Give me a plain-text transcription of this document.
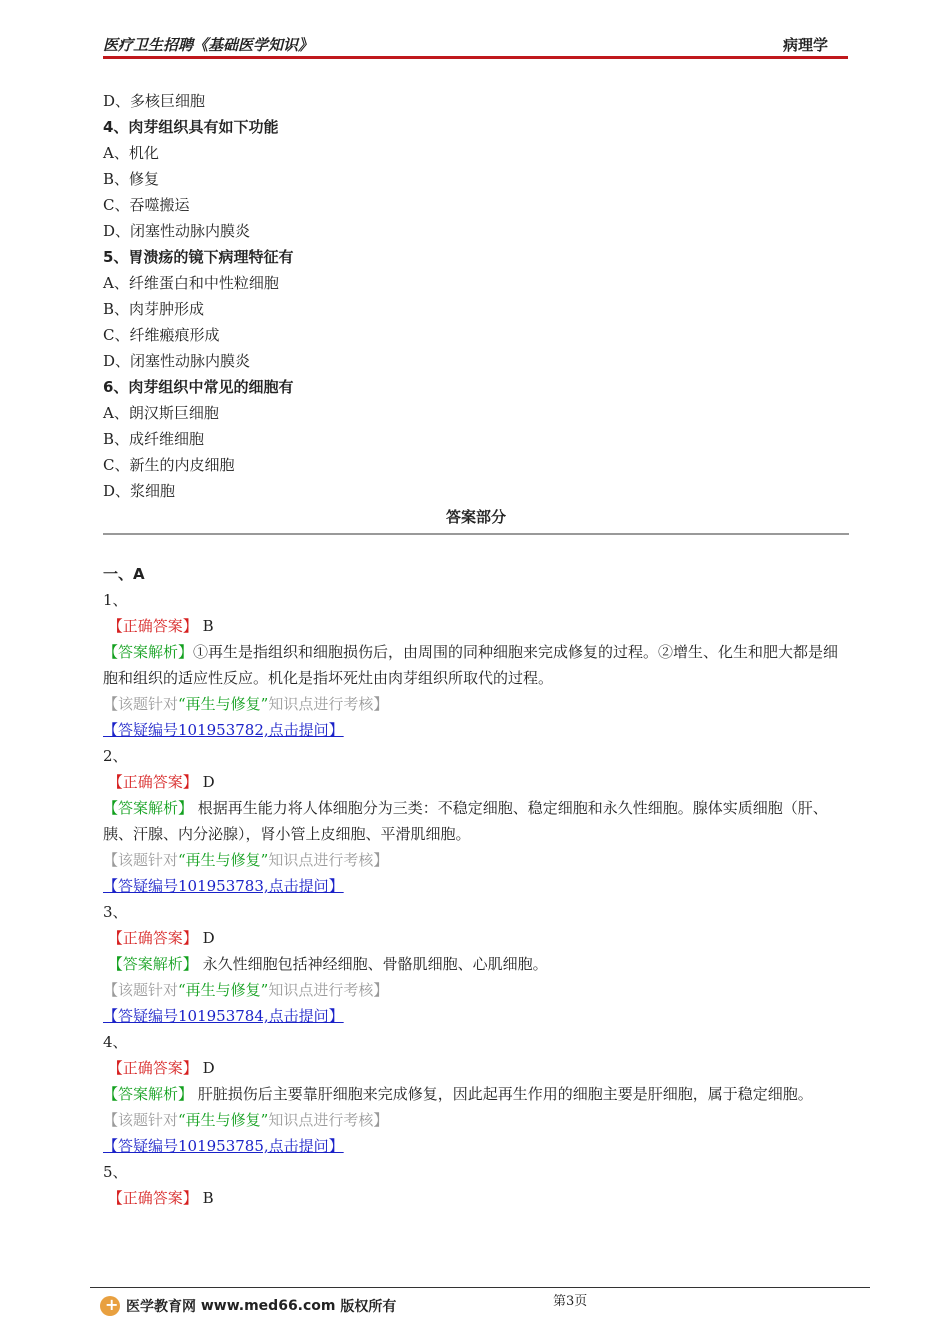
医疗卫生招聘《基础医学知识》	病理学
D、多核巨细胞
4、肉芽组织具有如下功能
A、机化
B、修复
C、吞噬搬运
D、闭塞性动脉内膜炎
5、胃溃疡的镜下病理特征有
A、纤维蛋白和中性粒细胞
B、肉芽肿形成
C、纤维瘢痕形成
D、闭塞性动脉内膜炎
6、肉芽组织中常见的细胞有
A、朗汉斯巨细胞
B、成纤维细胞
C、新生的内皮细胞
D、浆细胞
答案部分
一、A
1、
【正确答案】 B
【答案解析】①再生是指组织和细胞损伤后，由周围的同种细胞来完成修复的过程。②增生、化生和肥大都是细胞和组织的适应性反应。机化是指坏死灶由肉芽组织所取代的过程。
【该题针对“再生与修复”知识点进行考核】
【答疑编号101953782,点击提问】
2、
【正确答案】 D
【答案解析】 根据再生能力将人体细胞分为三类：不稳定细胞、稳定细胞和永久性细胞。腺体实质细胞（肝、胰、汗腺、内分泌腺），肾小管上皮细胞、平滑肌细胞。
【该题针对“再生与修复”知识点进行考核】
【答疑编号101953783,点击提问】
3、
【正确答案】 D
【答案解析】 永久性细胞包括神经细胞、骨骼肌细胞、心肌细胞。
【该题针对“再生与修复”知识点进行考核】
【答疑编号101953784,点击提问】
4、
【正确答案】 D
【答案解析】 肝脏损伤后主要靠肝细胞来完成修复，因此起再生作用的细胞主要是肝细胞，属于稳定细胞。
【该题针对“再生与修复”知识点进行考核】
【答疑编号101953785,点击提问】
5、
【正确答案】 B
第3页
+
医学教育网
www.med66.com
版权所有
